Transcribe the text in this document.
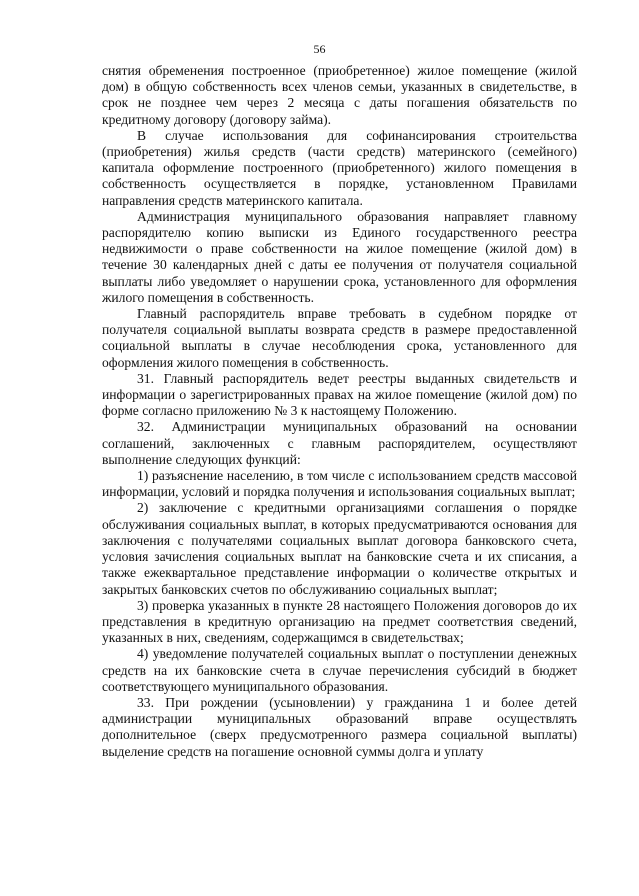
56

снятия обременения построенное (приобретенное) жилое помещение (жилой дом) в общую собственность всех членов семьи, указанных в свидетельстве, в срок не позднее чем через 2 месяца с даты погашения обязательств по кредитному договору (договору займа).

В случае использования для софинансирования строительства (приобретения) жилья средств (части средств) материнского (семейного) капитала оформление построенного (приобретенного) жилого помещения в собственность осуществляется в порядке, установленном Правилами направления средств материнского капитала.

Администрация муниципального образования направляет главному распорядителю копию выписки из Единого государственного реестра недвижимости о праве собственности на жилое помещение (жилой дом) в течение 30 календарных дней с даты ее получения от получателя социальной выплаты либо уведомляет о нарушении срока, установленного для оформления жилого помещения в собственность.

Главный распорядитель вправе требовать в судебном порядке от получателя социальной выплаты возврата средств в размере предоставленной социальной выплаты в случае несоблюдения срока, установленного для оформления жилого помещения в собственность.

31. Главный распорядитель ведет реестры выданных свидетельств и информации о зарегистрированных правах на жилое помещение (жилой дом) по форме согласно приложению № 3 к настоящему Положению.

32. Администрации муниципальных образований на основании соглашений, заключенных с главным распорядителем, осуществляют выполнение следующих функций:

1) разъяснение населению, в том числе с использованием средств массовой информации, условий и порядка получения и использования социальных выплат;

2) заключение с кредитными организациями соглашения о порядке обслуживания социальных выплат, в которых предусматриваются основания для заключения с получателями социальных выплат договора банковского счета, условия зачисления социальных выплат на банковские счета и их списания, а также ежеквартальное представление информации о количестве открытых и закрытых банковских счетов по обслуживанию социальных выплат;

3) проверка указанных в пункте 28 настоящего Положения договоров до их представления в кредитную организацию на предмет соответствия сведений, указанных в них, сведениям, содержащимся в свидетельствах;

4) уведомление получателей социальных выплат о поступлении денежных средств на их банковские счета в случае перечисления субсидий в бюджет соответствующего муниципального образования.

33. При рождении (усыновлении) у гражданина 1 и более детей администрации муниципальных образований вправе осуществлять дополнительное (сверх предусмотренного размера социальной выплаты) выделение средств на погашение основной суммы долга и уплату
